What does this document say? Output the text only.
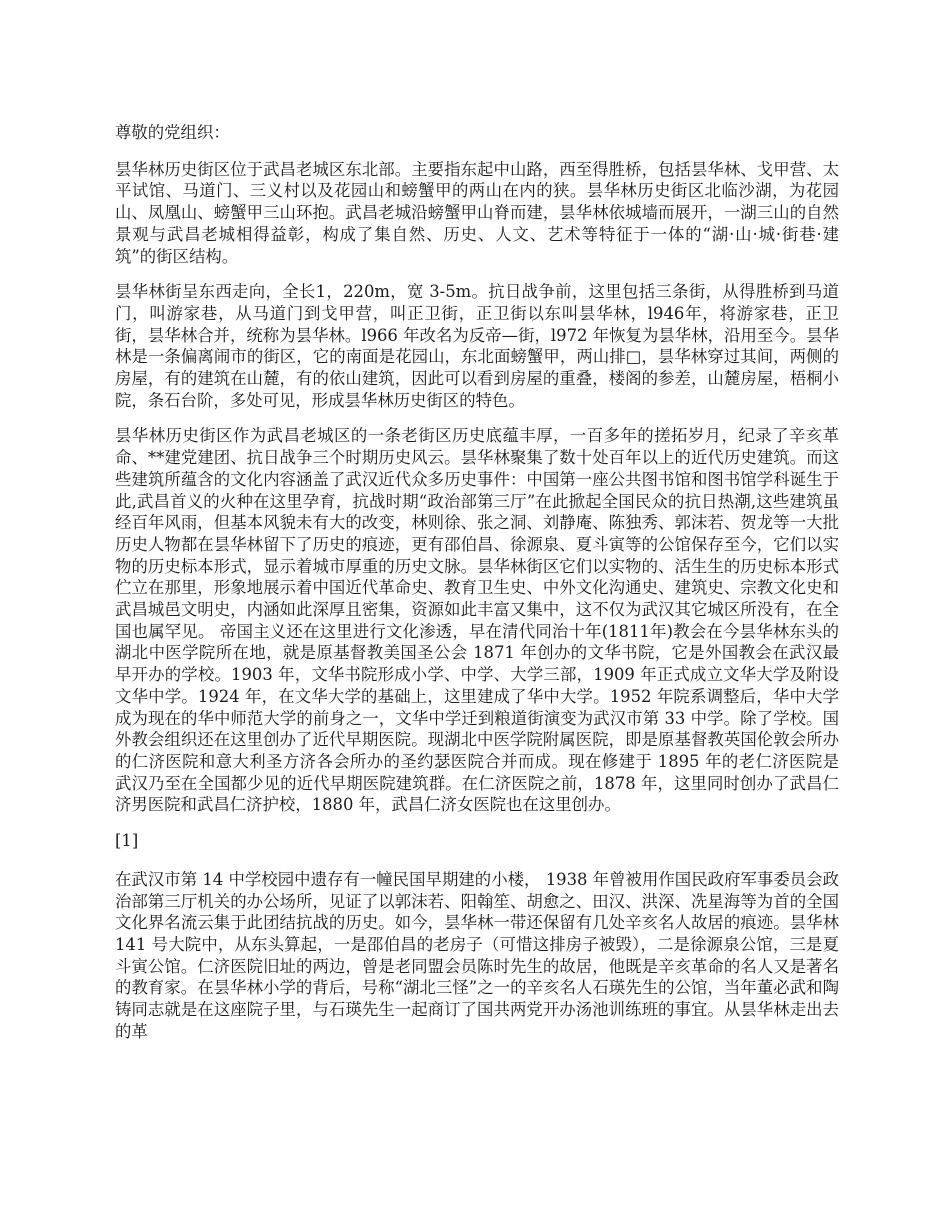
尊敬的党组织：

昙华林历史街区位于武昌老城区东北部。主要指东起中山路，西至得胜桥，包括昙华林、戈甲营、太平试馆、马道门、三义村以及花园山和螃蟹甲的两山在内的狭。昙华林历史街区北临沙湖，为花园山、凤凰山、螃蟹甲三山环抱。武昌老城沿螃蟹甲山脊而建，昙华林依城墙而展开，一湖三山的自然景观与武昌老城相得益彰，构成了集自然、历史、人文、艺术等特征于一体的“湖·山·城·街巷·建筑”的街区结构。

昙华林街呈东西走向，全长1，220m，宽 3-5m。抗日战争前，这里包括三条街，从得胜桥到马道门，叫游家巷，从马道门到戈甲营，叫正卫街，正卫街以东叫昙华林，l946年，将游家巷，正卫街，昙华林合并，统称为昙华林。l966 年改名为反帝—街，l972 年恢复为昙华林，沿用至今。昙华林是一条偏离闹市的街区，它的南面是花园山，东北面螃蟹甲，两山排□，昙华林穿过其间，两侧的房屋，有的建筑在山麓，有的依山建筑，因此可以看到房屋的重叠，楼阁的参差，山麓房屋，梧桐小院，条石台阶，多处可见，形成昙华林历史街区的特色。

昙华林历史街区作为武昌老城区的一条老街区历史底蕴丰厚，一百多年的搓拓岁月，纪录了辛亥革命、**建党建团、抗日战争三个时期历史风云。昙华林聚集了数十处百年以上的近代历史建筑。而这些建筑所蕴含的文化内容涵盖了武汉近代众多历史事件：中国第一座公共图书馆和图书馆学科诞生于此,武昌首义的火种在这里孕育，抗战时期“政治部第三厅”在此掀起全国民众的抗日热潮,这些建筑虽经百年风雨，但基本风貌未有大的改变，林则徐、张之洞、刘静庵、陈独秀、郭沫若、贺龙等一大批历史人物都在昙华林留下了历史的痕迹，更有邵伯昌、徐源泉、夏斗寅等的公馆保存至今，它们以实物的历史标本形式，显示着城市厚重的历史文脉。昙华林街区它们以实物的、活生生的历史标本形式伫立在那里，形象地展示着中国近代革命史、教育卫生史、中外文化沟通史、建筑史、宗教文化史和武昌城邑文明史，内涵如此深厚且密集，资源如此丰富又集中，这不仅为武汉其它城区所没有，在全国也属罕见。 帝国主义还在这里进行文化渗透，早在清代同治十年(1811年)教会在今昙华林东头的湖北中医学院所在地，就是原基督教美国圣公会 1871 年创办的文华书院，它是外国教会在武汉最早开办的学校。1903 年，文华书院形成小学、中学、大学三部，1909 年正式成立文华大学及附设文华中学。1924 年，在文华大学的基础上，这里建成了华中大学。1952 年院系调整后，华中大学成为现在的华中师范大学的前身之一，文华中学迁到粮道街演变为武汉市第 33 中学。除了学校。国外教会组织还在这里创办了近代早期医院。现湖北中医学院附属医院，即是原基督教英国伦敦会所办的仁济医院和意大利圣方济各会所办的圣约瑟医院合并而成。现在修建于 1895 年的老仁济医院是武汉乃至在全国都少见的近代早期医院建筑群。在仁济医院之前，1878 年，这里同时创办了武昌仁济男医院和武昌仁济护校，1880 年，武昌仁济女医院也在这里创办。

[1]

在武汉市第 14 中学校园中遗存有一幢民国早期建的小楼， 1938 年曾被用作国民政府军事委员会政治部第三厅机关的办公场所，见证了以郭沫若、阳翰笙、胡愈之、田汉、洪深、冼星海等为首的全国文化界名流云集于此团结抗战的历史。如今，昙华林一带还保留有几处辛亥名人故居的痕迹。昙华林 141 号大院中，从东头算起，一是邵伯昌的老房子（可惜这排房子被毁），二是徐源泉公馆，三是夏斗寅公馆。仁济医院旧址的两边，曾是老同盟会员陈时先生的故居，他既是辛亥革命的名人又是著名的教育家。在昙华林小学的背后，号称“湖北三怪”之一的辛亥名人石瑛先生的公馆，当年董必武和陶铸同志就是在这座院子里，与石瑛先生一起商订了国共两党开办汤池训练班的事宜。从昙华林走出去的革
